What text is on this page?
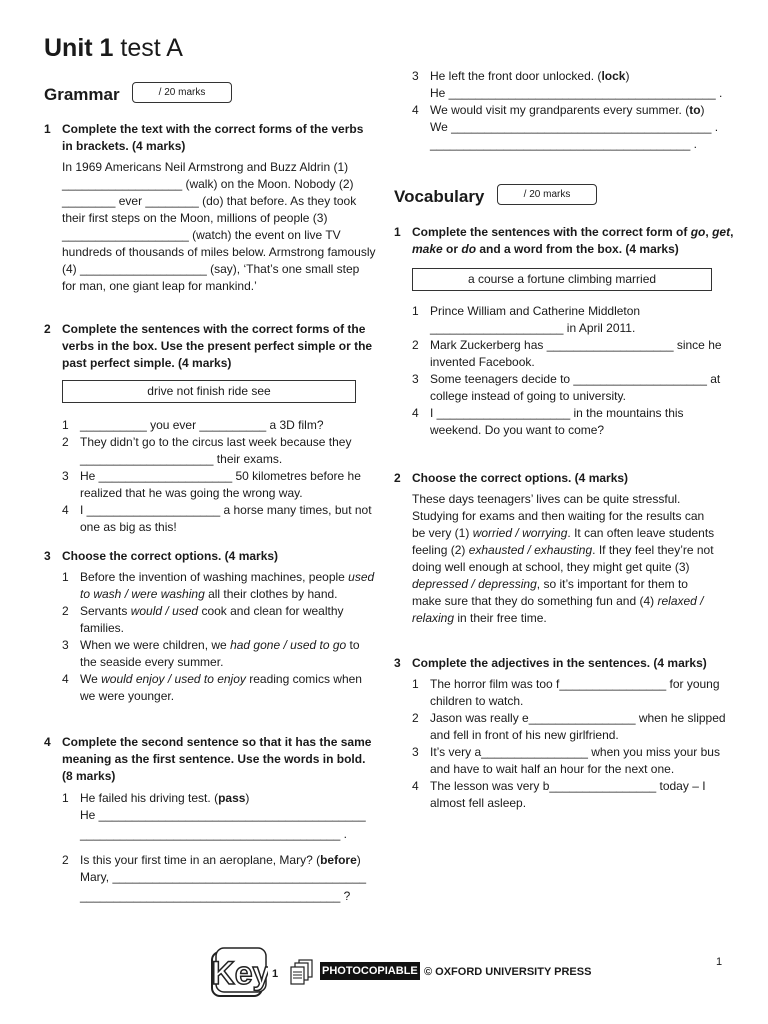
Unit 1 test A
Grammar	/ 20 marks
1 Complete the text with the correct forms of the verbs in brackets. (4 marks)
In 1969 Americans Neil Armstrong and Buzz Aldrin (1) __________________ (walk) on the Moon. Nobody (2) ________ ever ________ (do) that before. As they took their first steps on the Moon, millions of people (3) ___________________ (watch) the event on live TV hundreds of thousands of miles below. Armstrong famously (4) ___________________ (say), ‘That’s one small step for man, one giant leap for mankind.’
2 Complete the sentences with the correct forms of the verbs in the box. Use the present perfect simple or the past perfect simple. (4 marks)
drive not finish ride see
1 __________ you ever __________ a 3D film?
2 They didn’t go to the circus last week because they ____________________ their exams.
3 He ____________________ 50 kilometres before he realized that he was going the wrong way.
4 I ____________________ a horse many times, but not one as big as this!
3 Choose the correct options. (4 marks)
1 Before the invention of washing machines, people used to wash / were washing all their clothes by hand.
2 Servants would / used cook and clean for wealthy families.
3 When we were children, we had gone / used to go to the seaside every summer.
4 We would enjoy / used to enjoy reading comics when we were younger.
4 Complete the second sentence so that it has the same meaning as the first sentence. Use the words in bold. (8 marks)
1 He failed his driving test. (pass)
He ________________________________________
_______________________________________ .
2 Is this your first time in an aeroplane, Mary? (before)
Mary, ______________________________________
_______________________________________ ?
3 He left the front door unlocked. (lock)
He ________________________________________ .
4 We would visit my grandparents every summer. (to)
We _______________________________________ .
_______________________________________ .
Vocabulary	/ 20 marks
1 Complete the sentences with the correct form of go, get, make or do and a word from the box. (4 marks)
a course a fortune climbing married
1 Prince William and Catherine Middleton ____________________ in April 2011.
2 Mark Zuckerberg has ___________________ since he invented Facebook.
3 Some teenagers decide to ____________________ at college instead of going to university.
4 I ____________________ in the mountains this weekend. Do you want to come?
2 Choose the correct options. (4 marks)
These days teenagers’ lives can be quite stressful. Studying for exams and then waiting for the results can be very (1) worried / worrying. It can often leave students feeling (2) exhausted / exhausting. If they feel they’re not doing well enough at school, they might get quite (3) depressed / depressing, so it’s important for them to make sure that they do something fun and (4) relaxed / relaxing in their free time.
3 Complete the adjectives in the sentences. (4 marks)
1 The horror film was too f________________ for young children to watch.
2 Jason was really e________________ when he slipped and fell in front of his new girlfriend.
3 It’s very a________________ when you miss your bus and have to wait half an hour for the next one.
4 The lesson was very b________________ today – I almost fell asleep.
Key 1	PHOTOCOPIABLE © OXFORD UNIVERSITY PRESS
1
